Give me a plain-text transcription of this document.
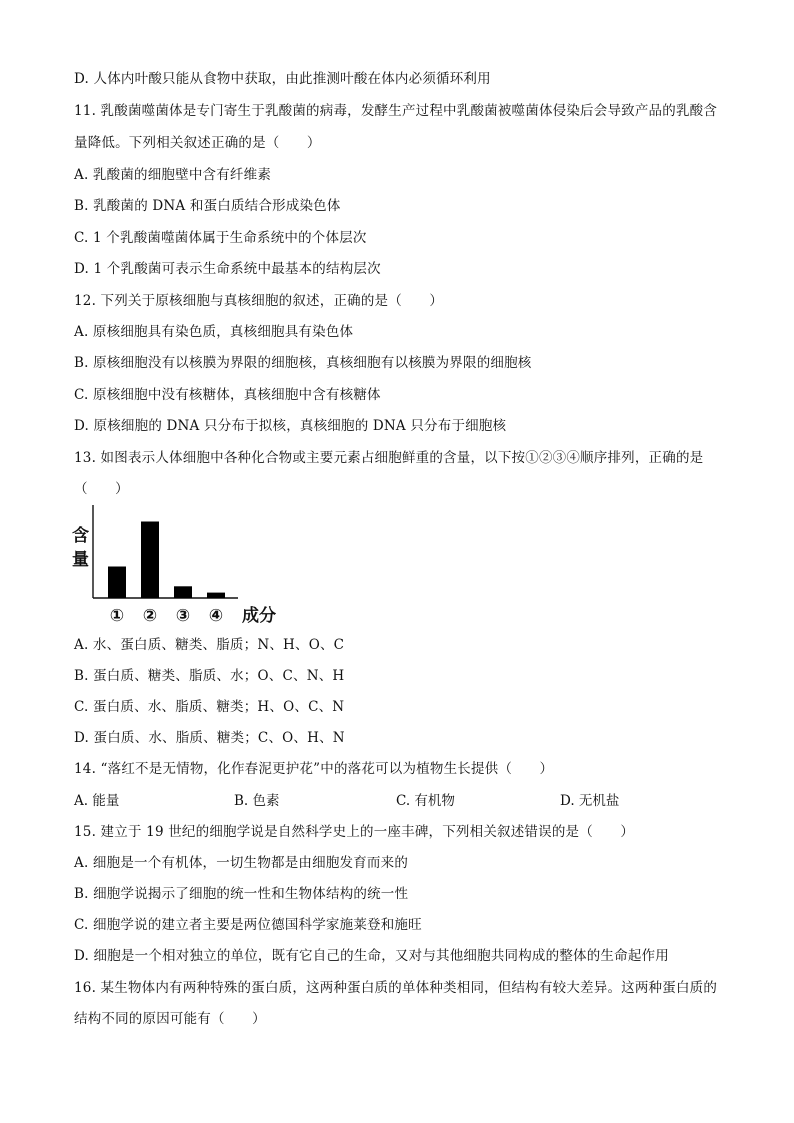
D. 人体内叶酸只能从食物中获取，由此推测叶酸在体内必须循环利用
11. 乳酸菌噬菌体是专门寄生于乳酸菌的病毒，发酵生产过程中乳酸菌被噬菌体侵染后会导致产品的乳酸含
量降低。下列相关叙述正确的是（　　）
A. 乳酸菌的细胞壁中含有纤维素
B. 乳酸菌的 DNA 和蛋白质结合形成染色体
C. 1 个乳酸菌噬菌体属于生命系统中的个体层次
D. 1 个乳酸菌可表示生命系统中最基本的结构层次
12. 下列关于原核细胞与真核细胞的叙述，正确的是（　　）
A. 原核细胞具有染色质，真核细胞具有染色体
B. 原核细胞没有以核膜为界限的细胞核，真核细胞有以核膜为界限的细胞核
C. 原核细胞中没有核糖体，真核细胞中含有核糖体
D. 原核细胞的 DNA 只分布于拟核，真核细胞的 DNA 只分布于细胞核
13. 如图表示人体细胞中各种化合物或主要元素占细胞鲜重的含量，以下按①②③④顺序排列，正确的是
（　　）
含
量
① ② ③ ④ 成分
A. 水、蛋白质、糖类、脂质；N、H、O、C
B. 蛋白质、糖类、脂质、水；O、C、N、H
C. 蛋白质、水、脂质、糖类；H、O、C、N
D. 蛋白质、水、脂质、糖类；C、O、H、N
14. “落红不是无情物，化作春泥更护花”中的落花可以为植物生长提供（　　）
A. 能量	B. 色素	C. 有机物	D. 无机盐
15. 建立于 19 世纪的细胞学说是自然科学史上的一座丰碑，下列相关叙述错误的是（　　）
A. 细胞是一个有机体，一切生物都是由细胞发育而来的
B. 细胞学说揭示了细胞的统一性和生物体结构的统一性
C. 细胞学说的建立者主要是两位德国科学家施莱登和施旺
D. 细胞是一个相对独立的单位，既有它自己的生命，又对与其他细胞共同构成的整体的生命起作用
16. 某生物体内有两种特殊的蛋白质，这两种蛋白质的单体种类相同，但结构有较大差异。这两种蛋白质的
结构不同的原因可能有（　　）
